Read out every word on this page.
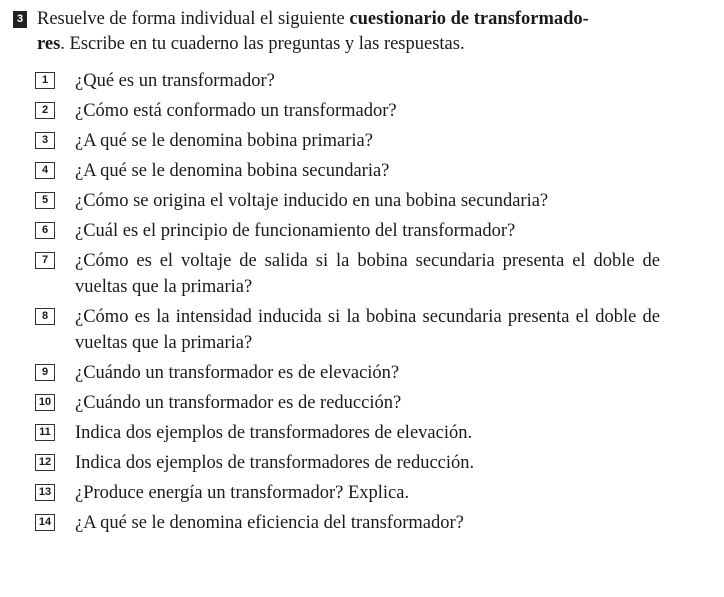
3 Resuelve de forma individual el siguiente cuestionario de transformado-
res. Escribe en tu cuaderno las preguntas y las respuestas.
1	¿Qué es un transformador?
2	¿Cómo está conformado un transformador?
3	¿A qué se le denomina bobina primaria?
4	¿A qué se le denomina bobina secundaria?
5	¿Cómo se origina el voltaje inducido en una bobina secundaria?
6	¿Cuál es el principio de funcionamiento del transformador?
7	¿Cómo es el voltaje de salida si la bobina secundaria presenta el doble de vueltas que la primaria?
8	¿Cómo es la intensidad inducida si la bobina secundaria presenta el doble de vueltas que la primaria?
9	¿Cuándo un transformador es de elevación?
10 ¿Cuándo un transformador es de reducción?
11 Indica dos ejemplos de transformadores de elevación.
12 Indica dos ejemplos de transformadores de reducción.
13 ¿Produce energía un transformador? Explica.
14 ¿A qué se le denomina eficiencia del transformador?
